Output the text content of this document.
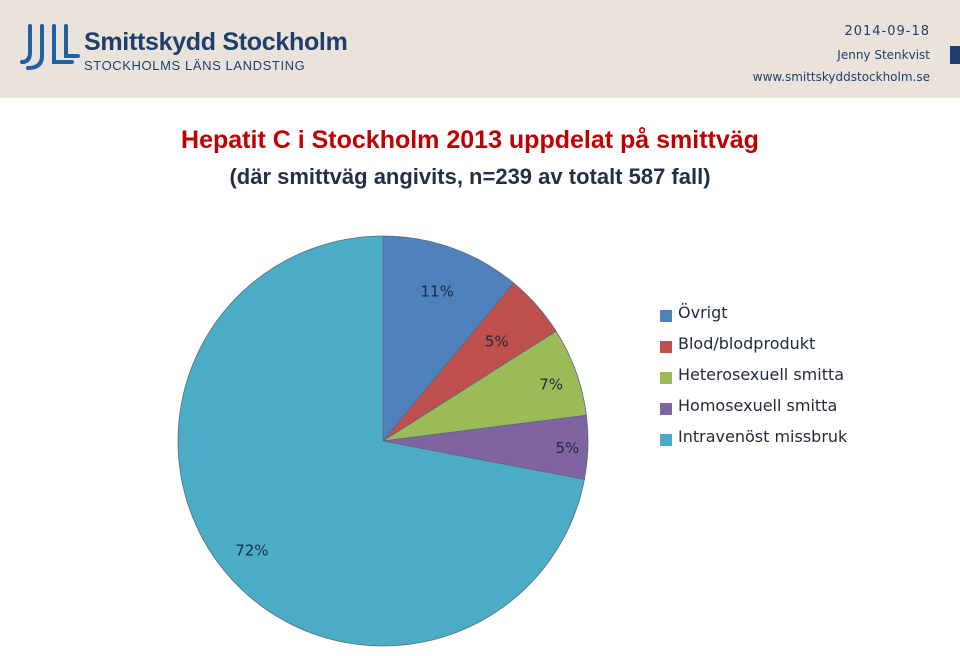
Smittskydd Stockholm
STOCKHOLMS LÄNS LANDSTING
2014-09-18
Jenny Stenkvist
www.smittskyddstockholm.se
Hepatit C i Stockholm 2013 uppdelat på smittväg
(där smittväg angivits, n=239 av totalt 587 fall)
11%
5%
7%
5%
72%
Övrigt
Blod/blodprodukt
Heterosexuell smitta
Homosexuell smitta
Intravenöst missbruk
